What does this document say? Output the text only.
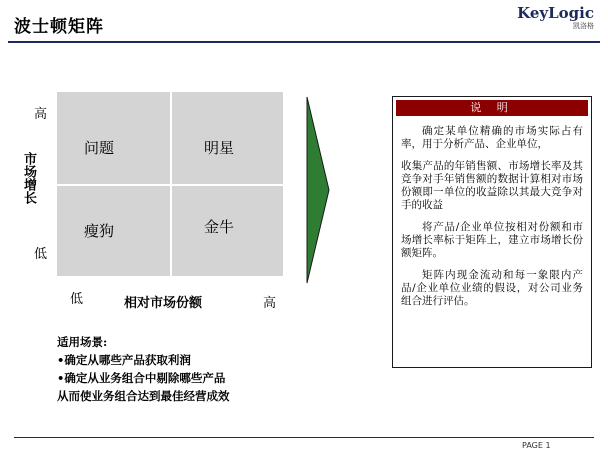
波士顿矩阵
KeyLogic
凯洛格
高
低
市场增长
问题	明星
瘦狗	金牛
低	相对市场份额	高
适用场景:
•确定从哪些产品获取利润
•确定从业务组合中剔除哪些产品
从而使业务组合达到最佳经营成效
说 明
确定某单位精确的市场实际占有率，用于分析产品、企业单位，
收集产品的年销售额、市场增长率及其竞争对手年销售额的数据计算相对市场份额即一单位的收益除以其最大竞争对手的收益
将产品/企业单位按相对份额和市场增长率标于矩阵上，建立市场增长份额矩阵。
矩阵内现金流动和每一象限内产品/企业单位业绩的假设，对公司业务组合进行评估。
PAGE 1
